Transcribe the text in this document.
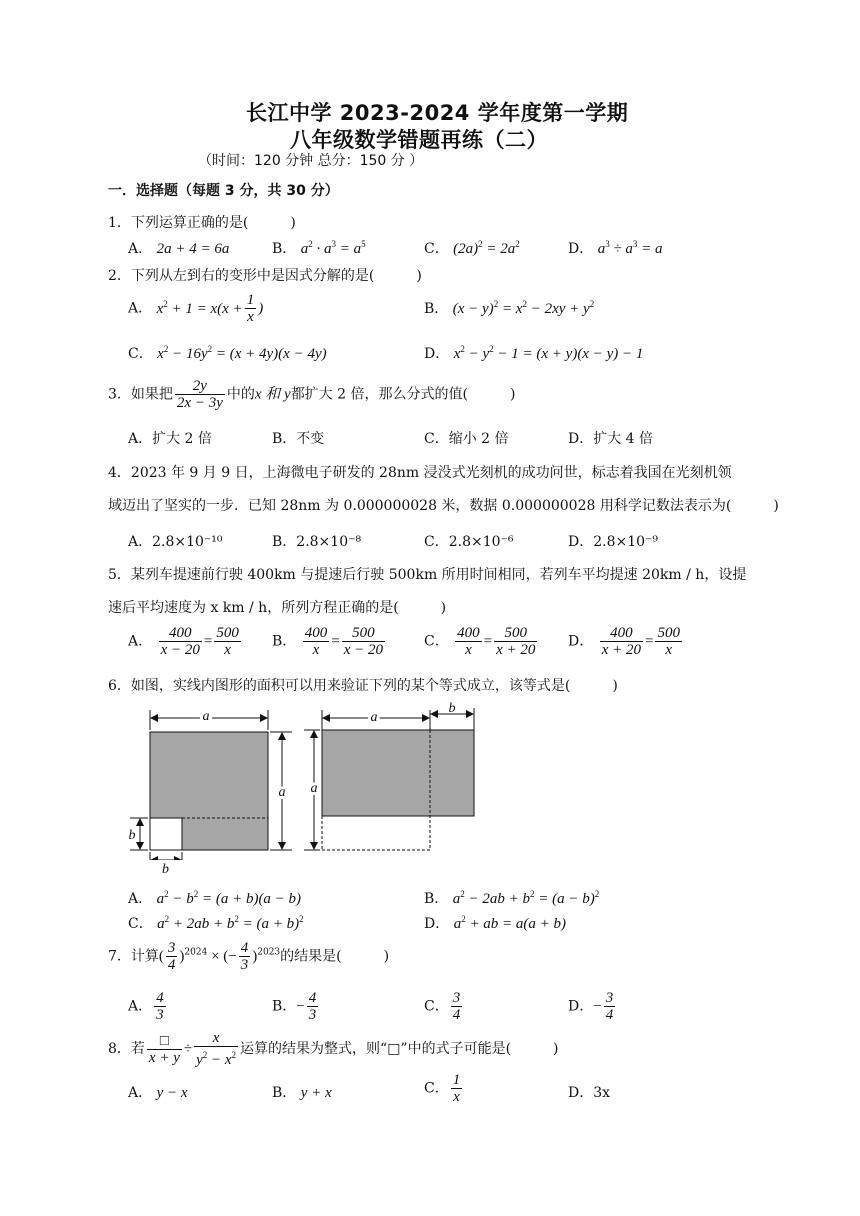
长江中学 2023-2024 学年度第一学期
八年级数学错题再练（二）
（时间：120 分钟 总分：150 分 ）
一．选择题（每题 3 分，共 30 分）
1．下列运算正确的是(　　　)
A． 2a + 4 = 6a	B． $a^2 \cdot a^3 = a^5$	C． $(2a)^2 = 2a^2$	D． $a^3 \div a^3 = a$
2．下列从左到右的变形中是因式分解的是(　　　)
A． $x^2 + 1 = x(x + \frac{1}{x}$ )	B． $(x - y)^2 = x^2 - 2xy + y^2$
C． $x^2 - 16y^2 = (x + 4y)(x - 4y)$	D． $x^2 - y^2 - 1 = (x + y)(x - y) - 1$
3．如果把 $\frac{2y}{2x - 3y}$ 中的x 和 y都扩大 2 倍，那么分式的值(　　　)
A．扩大 2 倍	B．不变	C．缩小 2 倍	D．扩大 4 倍
4．2023 年 9 月 9 日，上海微电子研发的 28nm 浸没式光刻机的成功问世，标志着我国在光刻机领
域迈出了坚实的一步．已知 28nm 为 0.000000028 米，数据 0.000000028 用科学记数法表示为(　　　)
A．2.8×10⁻¹⁰	B．2.8×10⁻⁸	C．2.8×10⁻⁶	D．2.8×10⁻⁹
5．某列车提速前行驶 400km 与提速后行驶 500km 所用时间相同，若列车平均提速 20km / h，设提
速后平均速度为 x km / h，所列方程正确的是(　　　)
A． $\frac{400}{x - 20} = \frac{500}{x}$ B． $\frac{400}{x} = \frac{500}{x - 20}$	C． $\frac{400}{x} = \frac{500}{x + 20}$ D． $\frac{400}{x + 20} = \frac{500}{x}$
6．如图，实线内图形的面积可以用来验证下列的某个等式成立，该等式是(　　　)
a
a
b
a
b
a
b
A． $a^2 - b^2 = (a + b)(a - b)$	B． $a^2 - 2ab + b^2 = (a - b)^2$
C． $a^2 + 2ab + b^2 = (a + b)^2$	D． $a^2$ + ab = a(a + b)
7．计算( $\frac{3}{4} )^{2024}$ × (− $\frac{4}{3} )^{2023}$的结果是(　　　)
A． $\frac{4}{3}$	B．− $\frac{4}{3}$	C． $\frac{3}{4}$	D．− $\frac{3}{4}$
8．若 $\frac{□}{x + y} \div \frac{x}{y^2 - x^2}$ 运算的结果为整式，则“□”中的式子可能是(　　　)
A． y − x	B． y + x	C． $\frac{1}{x}$	D．3x
